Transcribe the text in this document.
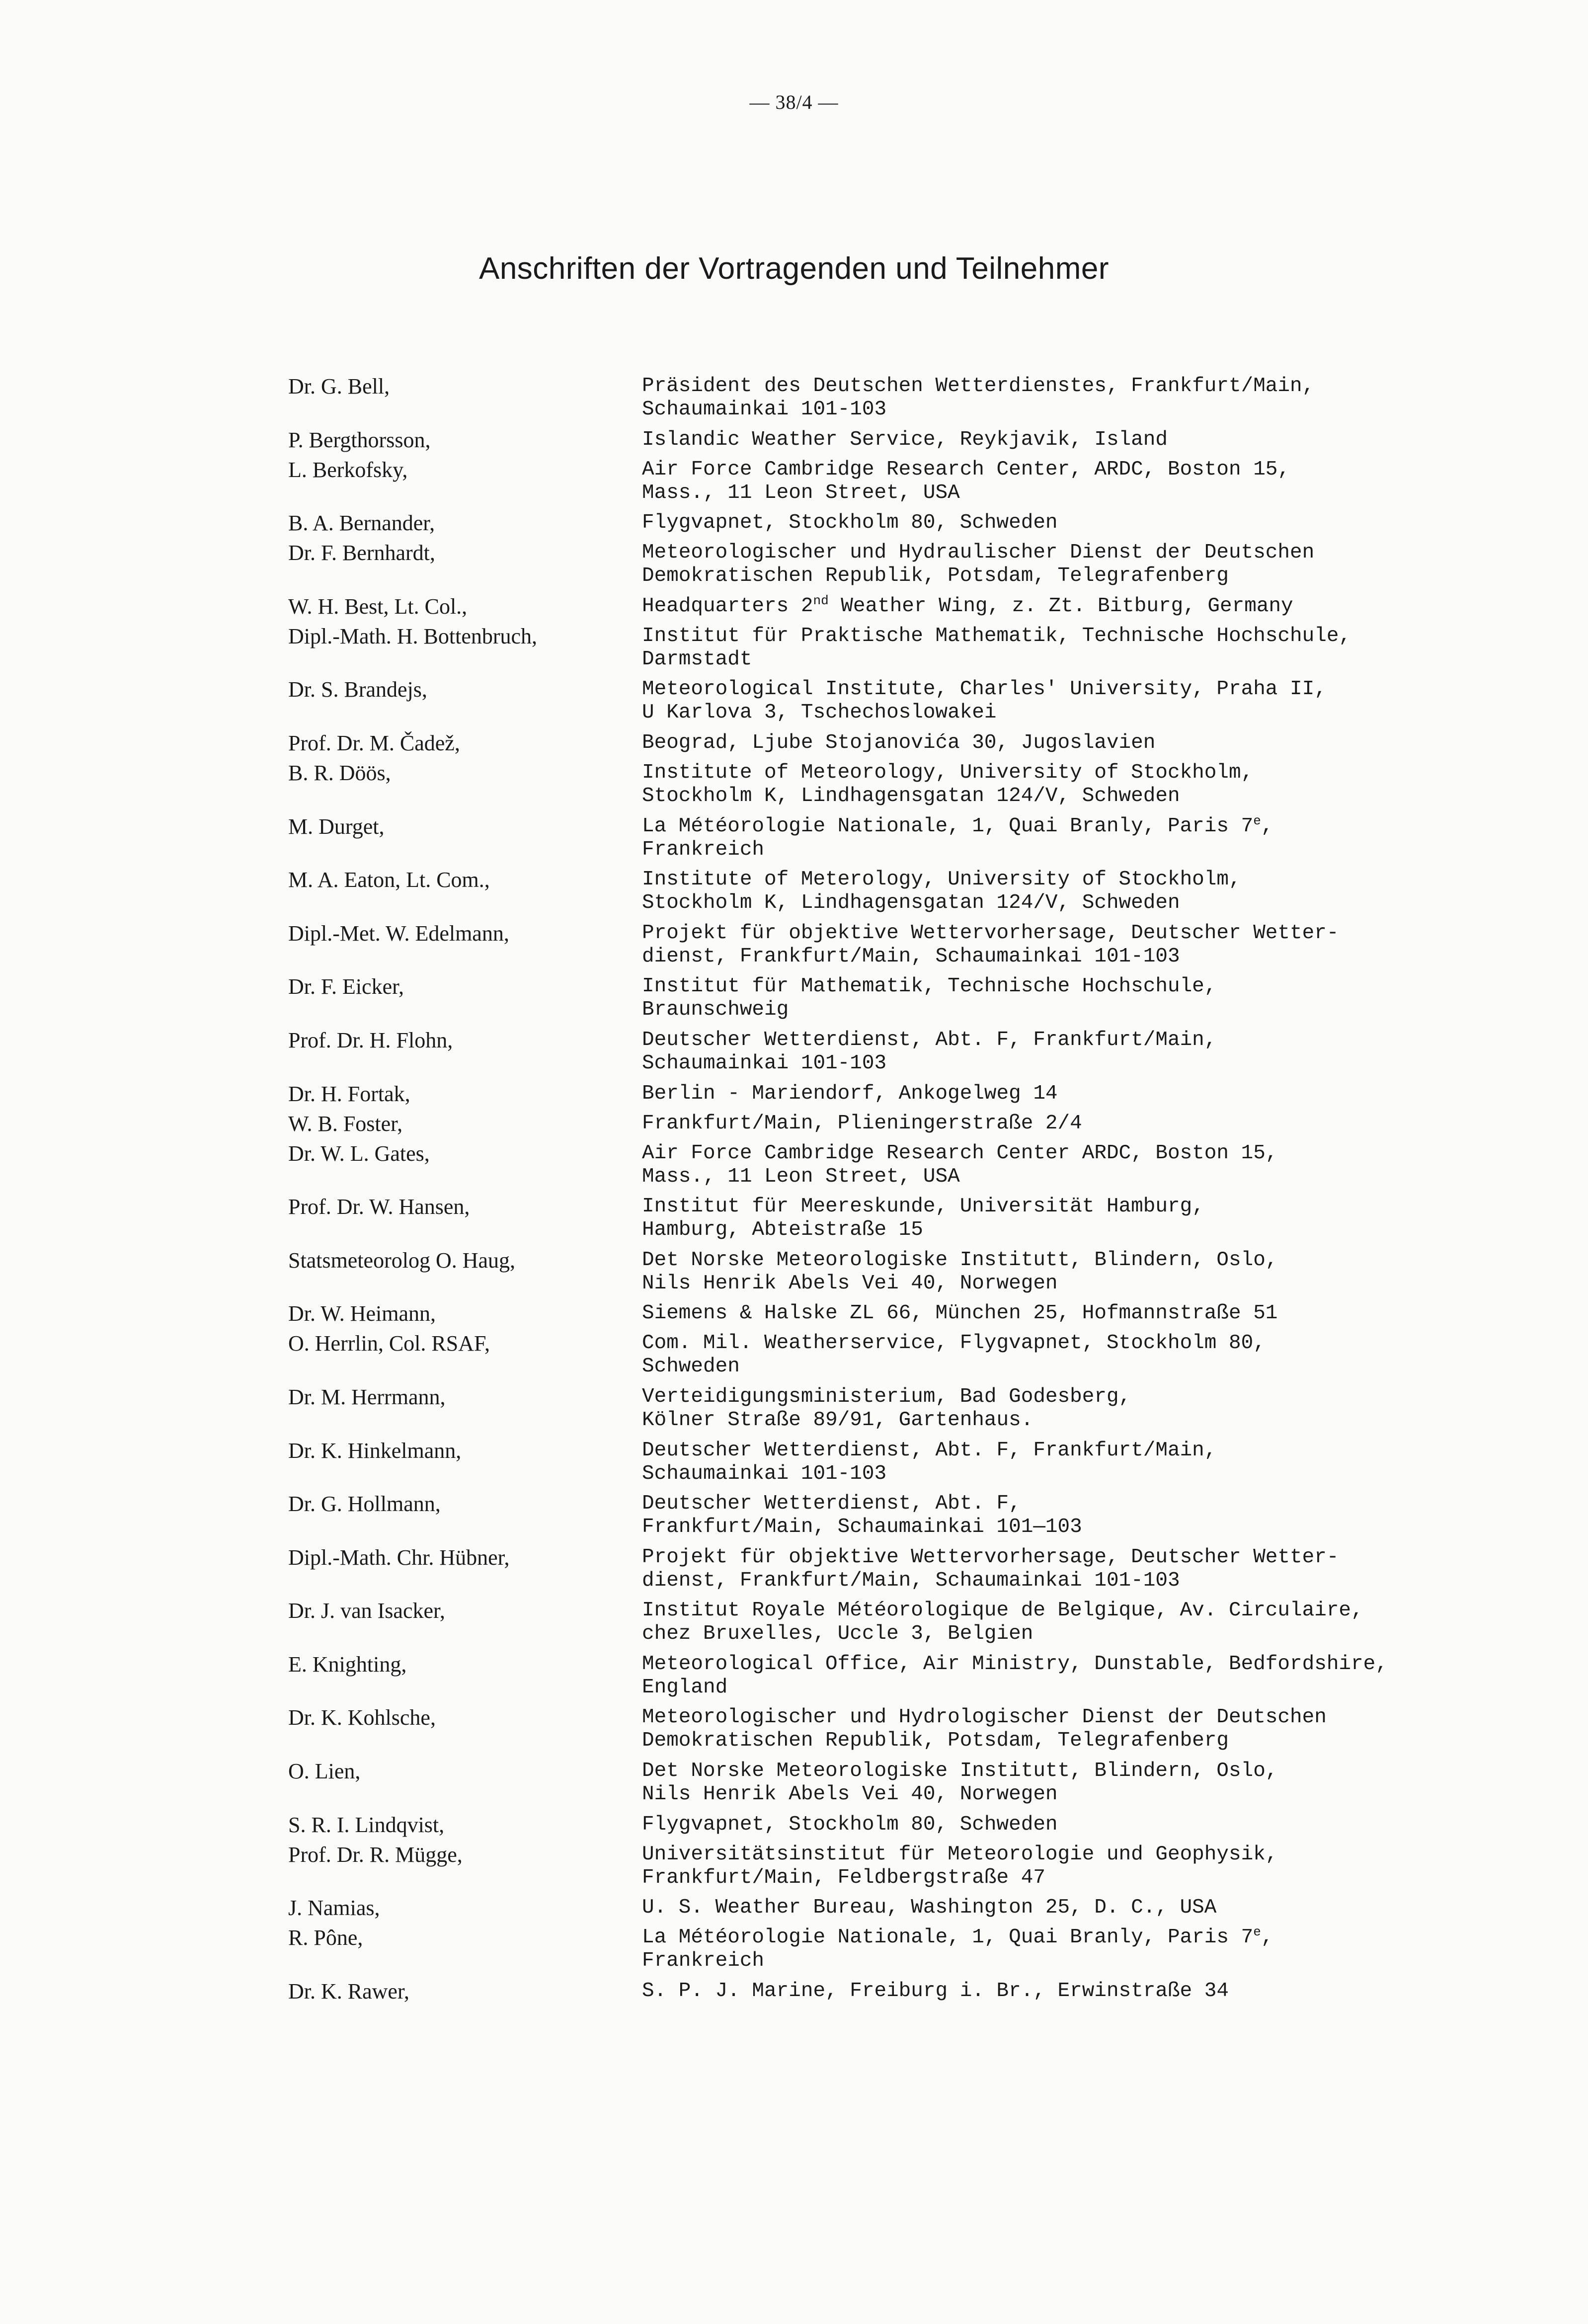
— 38/4 —
Anschriften der Vortragenden und Teilnehmer
Dr. G. Bell,	Präsident des Deutschen Wetterdienstes, Frankfurt/Main,
Schaumainkai 101-103
P. Bergthorsson,	Islandic Weather Service, Reykjavik, Island
L. Berkofsky,	Air Force Cambridge Research Center, ARDC, Boston 15,
Mass., 11 Leon Street, USA
B. A. Bernander,	Flygvapnet, Stockholm 80, Schweden
Dr. F. Bernhardt,	Meteorologischer und Hydraulischer Dienst der Deutschen
Demokratischen Republik, Potsdam, Telegrafenberg
W. H. Best, Lt. Col.,	Headquarters 2nd Weather Wing, z. Zt. Bitburg, Germany
Dipl.-Math. H. Bottenbruch,	Institut für Praktische Mathematik, Technische Hochschule,
Darmstadt
Dr. S. Brandejs,	Meteorological Institute, Charles' University, Praha II,
U Karlova 3, Tschechoslowakei
Prof. Dr. M. Čadež,	Beograd, Ljube Stojanovića 30, Jugoslavien
B. R. Döös,	Institute of Meteorology, University of Stockholm,
Stockholm K, Lindhagensgatan 124/V, Schweden
M. Durget,	La Météorologie Nationale, 1, Quai Branly, Paris 7e,
Frankreich
M. A. Eaton, Lt. Com.,	Institute of Meterology, University of Stockholm,
Stockholm K, Lindhagensgatan 124/V, Schweden
Dipl.-Met. W. Edelmann,	Projekt für objektive Wettervorhersage, Deutscher Wetter-
dienst, Frankfurt/Main, Schaumainkai 101-103
Dr. F. Eicker,	Institut für Mathematik, Technische Hochschule,
Braunschweig
Prof. Dr. H. Flohn,	Deutscher Wetterdienst, Abt. F, Frankfurt/Main,
Schaumainkai 101-103
Dr. H. Fortak,	Berlin - Mariendorf, Ankogelweg 14
W. B. Foster,	Frankfurt/Main, Plieningerstraße 2/4
Dr. W. L. Gates,	Air Force Cambridge Research Center ARDC, Boston 15,
Mass., 11 Leon Street, USA
Prof. Dr. W. Hansen,	Institut für Meereskunde, Universität Hamburg,
Hamburg, Abteistraße 15
Statsmeteorolog O. Haug,	Det Norske Meteorologiske Institutt, Blindern, Oslo,
Nils Henrik Abels Vei 40, Norwegen
Dr. W. Heimann,	Siemens & Halske ZL 66, München 25, Hofmannstraße 51
O. Herrlin, Col. RSAF,	Com. Mil. Weatherservice, Flygvapnet, Stockholm 80,
Schweden
Dr. M. Herrmann,	Verteidigungsministerium, Bad Godesberg,
Kölner Straße 89/91, Gartenhaus.
Dr. K. Hinkelmann,	Deutscher Wetterdienst, Abt. F, Frankfurt/Main,
Schaumainkai 101-103
Dr. G. Hollmann,	Deutscher Wetterdienst, Abt. F,
Frankfurt/Main, Schaumainkai 101—103
Dipl.-Math. Chr. Hübner,	Projekt für objektive Wettervorhersage, Deutscher Wetter-
dienst, Frankfurt/Main, Schaumainkai 101-103
Dr. J. van Isacker,	Institut Royale Météorologique de Belgique, Av. Circulaire,
chez Bruxelles, Uccle 3, Belgien
E. Knighting,	Meteorological Office, Air Ministry, Dunstable, Bedfordshire,
England
Dr. K. Kohlsche,	Meteorologischer und Hydrologischer Dienst der Deutschen
Demokratischen Republik, Potsdam, Telegrafenberg
O. Lien,	Det Norske Meteorologiske Institutt, Blindern, Oslo,
Nils Henrik Abels Vei 40, Norwegen
S. R. I. Lindqvist,	Flygvapnet, Stockholm 80, Schweden
Prof. Dr. R. Mügge,	Universitätsinstitut für Meteorologie und Geophysik,
Frankfurt/Main, Feldbergstraße 47
J. Namias,	U. S. Weather Bureau, Washington 25, D. C., USA
R. Pône,	La Météorologie Nationale, 1, Quai Branly, Paris 7e,
Frankreich
Dr. K. Rawer,	S. P. J. Marine, Freiburg i. Br., Erwinstraße 34
